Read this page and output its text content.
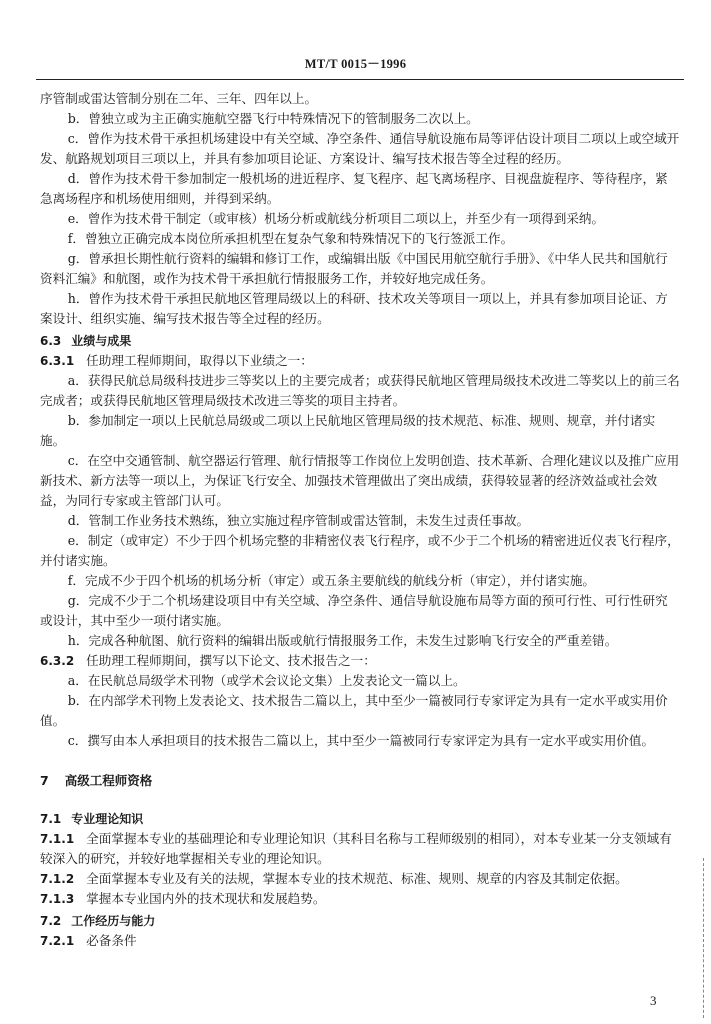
MT/T 0015－1996

序管制或雷达管制分别在二年、三年、四年以上。

b．曾独立或为主正确实施航空器飞行中特殊情况下的管制服务二次以上。

c．曾作为技术骨干承担机场建设中有关空域、净空条件、通信导航设施布局等评估设计项目二项以上或空域开发、航路规划项目三项以上，并具有参加项目论证、方案设计、编写技术报告等全过程的经历。

d．曾作为技术骨干参加制定一般机场的进近程序、复飞程序、起飞离场程序、目视盘旋程序、等待程序，紧急离场程序和机场使用细则，并得到采纳。

e．曾作为技术骨干制定（或审核）机场分析或航线分析项目二项以上，并至少有一项得到采纳。

f．曾独立正确完成本岗位所承担机型在复杂气象和特殊情况下的飞行签派工作。

g．曾承担长期性航行资料的编辑和修订工作，或编辑出版《中国民用航空航行手册》、《中华人民共和国航行资料汇编》和航图，或作为技术骨干承担航行情报服务工作，并较好地完成任务。

h．曾作为技术骨干承担民航地区管理局级以上的科研、技术攻关等项目一项以上，并具有参加项目论证、方案设计、组织实施、编写技术报告等全过程的经历。

6.3 业绩与成果

6.3.1 任助理工程师期间，取得以下业绩之一：

a．获得民航总局级科技进步三等奖以上的主要完成者；或获得民航地区管理局级技术改进二等奖以上的前三名完成者；或获得民航地区管理局级技术改进三等奖的项目主持者。

b．参加制定一项以上民航总局级或二项以上民航地区管理局级的技术规范、标准、规则、规章，并付诸实施。

c．在空中交通管制、航空器运行管理、航行情报等工作岗位上发明创造、技术革新、合理化建议以及推广应用新技术、新方法等一项以上，为保证飞行安全、加强技术管理做出了突出成绩，获得较显著的经济效益或社会效益，为同行专家或主管部门认可。

d．管制工作业务技术熟练，独立实施过程序管制或雷达管制，未发生过责任事故。

e．制定（或审定）不少于四个机场完整的非精密仪表飞行程序，或不少于二个机场的精密进近仪表飞行程序，并付诸实施。

f．完成不少于四个机场的机场分析（审定）或五条主要航线的航线分析（审定），并付诸实施。

g．完成不少于二个机场建设项目中有关空域、净空条件、通信导航设施布局等方面的预可行性、可行性研究或设计，其中至少一项付诸实施。

h．完成各种航图、航行资料的编辑出版或航行情报服务工作，未发生过影响飞行安全的严重差错。

6.3.2 任助理工程师期间，撰写以下论文、技术报告之一：

a．在民航总局级学术刊物（或学术会议论文集）上发表论文一篇以上。

b．在内部学术刊物上发表论文、技术报告二篇以上，其中至少一篇被同行专家评定为具有一定水平或实用价值。

c．撰写由本人承担项目的技术报告二篇以上，其中至少一篇被同行专家评定为具有一定水平或实用价值。

7 高级工程师资格

7.1 专业理论知识

7.1.1 全面掌握本专业的基础理论和专业理论知识（其科目名称与工程师级别的相同），对本专业某一分支领域有较深入的研究，并较好地掌握相关专业的理论知识。

7.1.2 全面掌握本专业及有关的法规，掌握本专业的技术规范、标准、规则、规章的内容及其制定依据。

7.1.3 掌握本专业国内外的技术现状和发展趋势。

7.2 工作经历与能力

7.2.1 必备条件

3
